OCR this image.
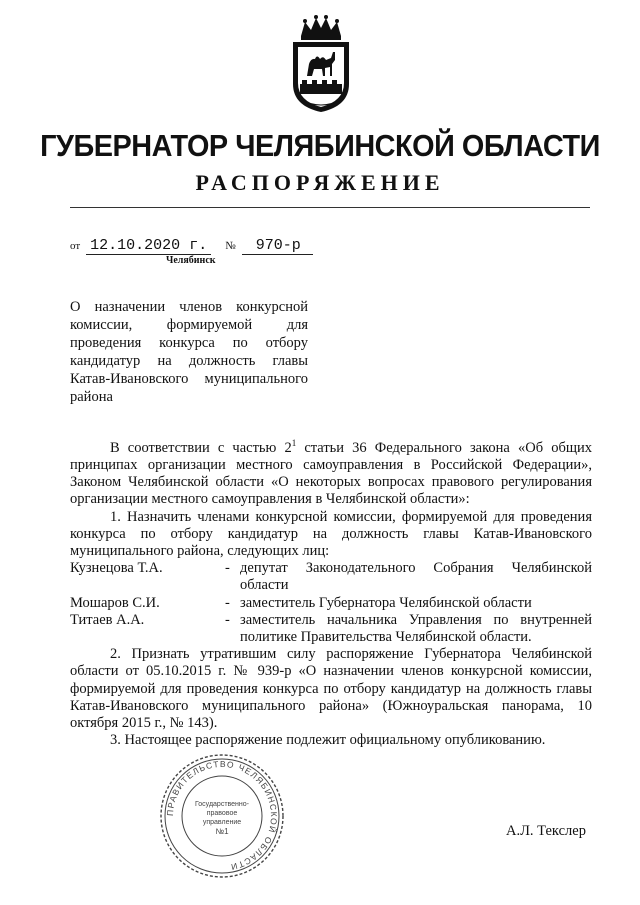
ГУБЕРНАТОР ЧЕЛЯБИНСКОЙ ОБЛАСТИ
РАСПОРЯЖЕНИЕ
от 12.10.2020 г.	№	970-р
Челябинск
О назначении членов конкурсной комиссии, формируемой для проведения конкурса по отбору кандидатур на должность главы Катав-Ивановского муниципального района

В соответствии с частью $2^1$ статьи 36 Федерального закона «Об общих принципах организации местного самоуправления в Российской Федерации», Законом Челябинской области «О некоторых вопросах правового регулирования организации местного самоуправления в Челябинской области»:

1. Назначить членами конкурсной комиссии, формируемой для проведения конкурса по отбору кандидатур на должность главы Катав-Ивановского муниципального района, следующих лиц:

Кузнецова Т.А.	- депутат Законодательного Собрания Челябинской области
Мошаров С.И.	- заместитель Губернатора Челябинской области
Титаев А.А.	- заместитель начальника Управления по внутренней политике Правительства Челябинской области.

2. Признать утратившим силу распоряжение Губернатора Челябинской области от 05.10.2015 г. № 939-р «О назначении членов конкурсной комиссии, формируемой для проведения конкурса по отбору кандидатур на должность главы Катав-Ивановского муниципального района» (Южноуральская панорама, 10 октября 2015 г., № 143).

3. Настоящее распоряжение подлежит официальному опубликованию.

ПРАВИТЕЛЬСТВО ЧЕЛЯБИНСКОЙ ОБЛАСТИ
Государственно-
правовое
управление
№1	А.Л. Текслер
